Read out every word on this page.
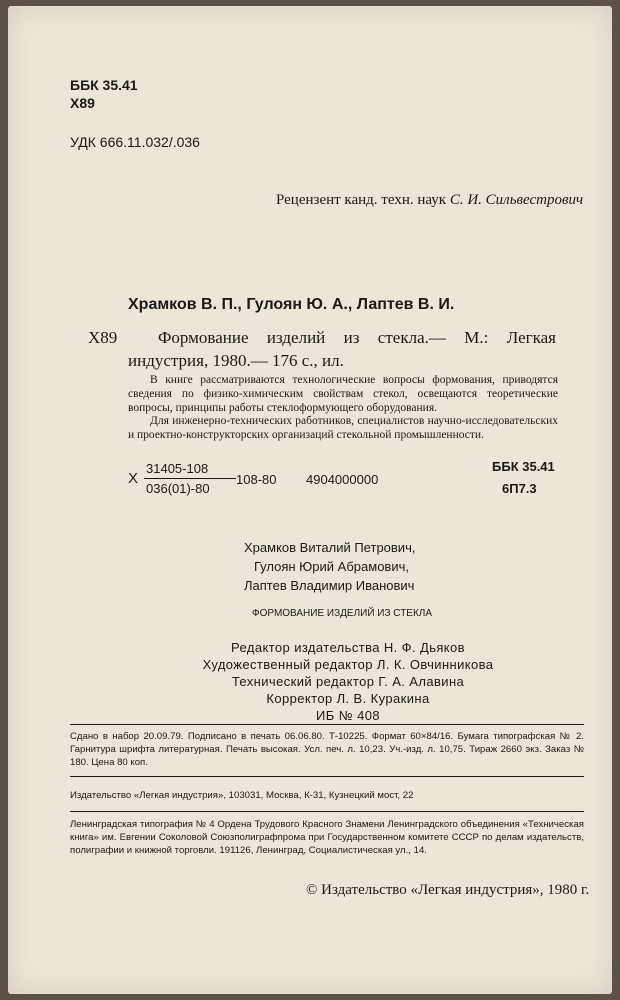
ББК 35.41
Х89
УДК 666.11.032/.036
Рецензент канд. техн. наук С. И. Сильвестрович
Храмков В. П., Гулоян Ю. А., Лаптев В. И.
Х89 Формование изделий из стекла.— М.: Легкая
индустрия, 1980.— 176 с., ил.

В книге рассматриваются технологические вопросы формования, приводятся сведения по физико-химическим свойствам стекол, освещаются теоретические вопросы, принципы работы стеклоформующего оборудования.

Для инженерно-технических работников, специалистов научно-исследовательских и проектно-конструкторских организаций стекольной промышленности.

Х
31405-108
036(01)-80
108-80 4904000000
ББК 35.41
6П7.3
Храмков Виталий Петрович,
Гулоян Юрий Абрамович,
Лаптев Владимир Иванович
ФОРМОВАНИЕ ИЗДЕЛИЙ ИЗ СТЕКЛА
Редактор издательства Н. Ф. Дьяков
Художественный редактор Л. К. Овчинникова
Технический редактор Г. А. Алавина
Корректор Л. В. Куракина
ИБ № 408

Сдано в набор 20.09.79. Подписано в печать 06.06.80. Т-10225. Формат 60×84/16. Бумага типографская № 2. Гарнитура шрифта литературная. Печать высокая. Усл. печ. л. 10,23. Уч.-изд. л. 10,75. Тираж 2660 экз. Заказ № 180. Цена 80 коп.

Издательство «Легкая индустрия», 103031, Москва, К-31, Кузнецкий мост, 22

Ленинградская типография № 4 Ордена Трудового Красного Знамени Ленинградского объединения «Техническая книга» им. Евгении Соколовой Союзполиграфпрома при Государственном комитете СССР по делам издательств, полиграфии и книжной торговли. 191126, Ленинград, Социалистическая ул., 14.

© Издательство «Легкая индустрия», 1980 г.
